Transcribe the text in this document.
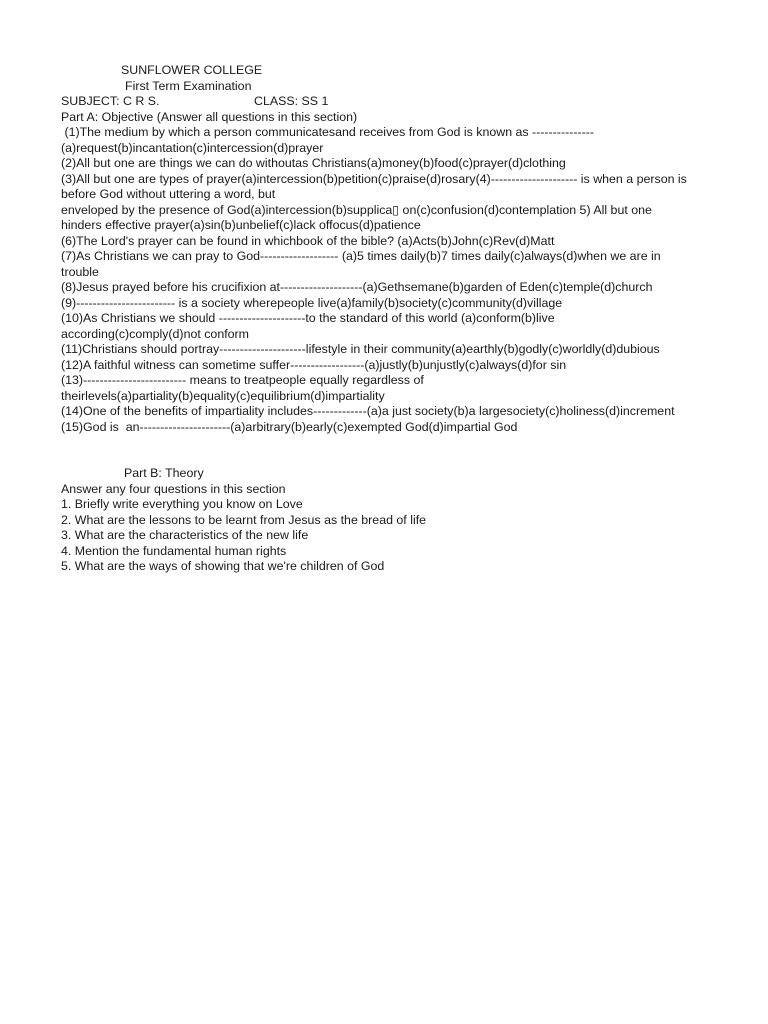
SUNFLOWER COLLEGE
First Term Examination
SUBJECT: C R S.	CLASS: SS 1
Part A: Objective (Answer all questions in this section)
(1)The medium by which a person communicatesand receives from God is known as ---------------
(a)request(b)incantation(c)intercession(d)prayer
(2)All but one are things we can do withoutas Christians(a)money(b)food(c)prayer(d)clothing
(3)All but one are types of prayer(a)intercession(b)petition(c)praise(d)rosary(4)--------------------- is when a person is
before God without uttering a word, but
enveloped by the presence of God(a)intercession(b)supplica▯ on(c)confusion(d)contemplation 5) All but one
hinders effective prayer(a)sin(b)unbelief(c)lack offocus(d)patience
(6)The Lord's prayer can be found in whichbook of the bible? (a)Acts(b)John(c)Rev(d)Matt
(7)As Christians we can pray to God------------------- (a)5 times daily(b)7 times daily(c)always(d)when we are in
trouble
(8)Jesus prayed before his crucifixion at--------------------(a)Gethsemane(b)garden of Eden(c)temple(d)church
(9)------------------------ is a society wherepeople live(a)family(b)society(c)community(d)village
(10)As Christians we should ---------------------to the standard of this world (a)conform(b)live
according(c)comply(d)not conform
(11)Christians should portray---------------------lifestyle in their community(a)earthly(b)godly(c)worldly(d)dubious
(12)A faithful witness can sometime suffer------------------(a)justly(b)unjustly(c)always(d)for sin
(13)------------------------- means to treatpeople equally regardless of
theirlevels(a)partiality(b)equality(c)equilibrium(d)impartiality
(14)One of the benefits of impartiality includes-------------(a)a just society(b)a largesociety(c)holiness(d)increment
(15)God is  an----------------------(a)arbitrary(b)early(c)exempted God(d)impartial God
Part B: Theory
Answer any four questions in this section
1. Briefly write everything you know on Love
2. What are the lessons to be learnt from Jesus as the bread of life
3. What are the characteristics of the new life
4. Mention the fundamental human rights
5. What are the ways of showing that we're children of God
